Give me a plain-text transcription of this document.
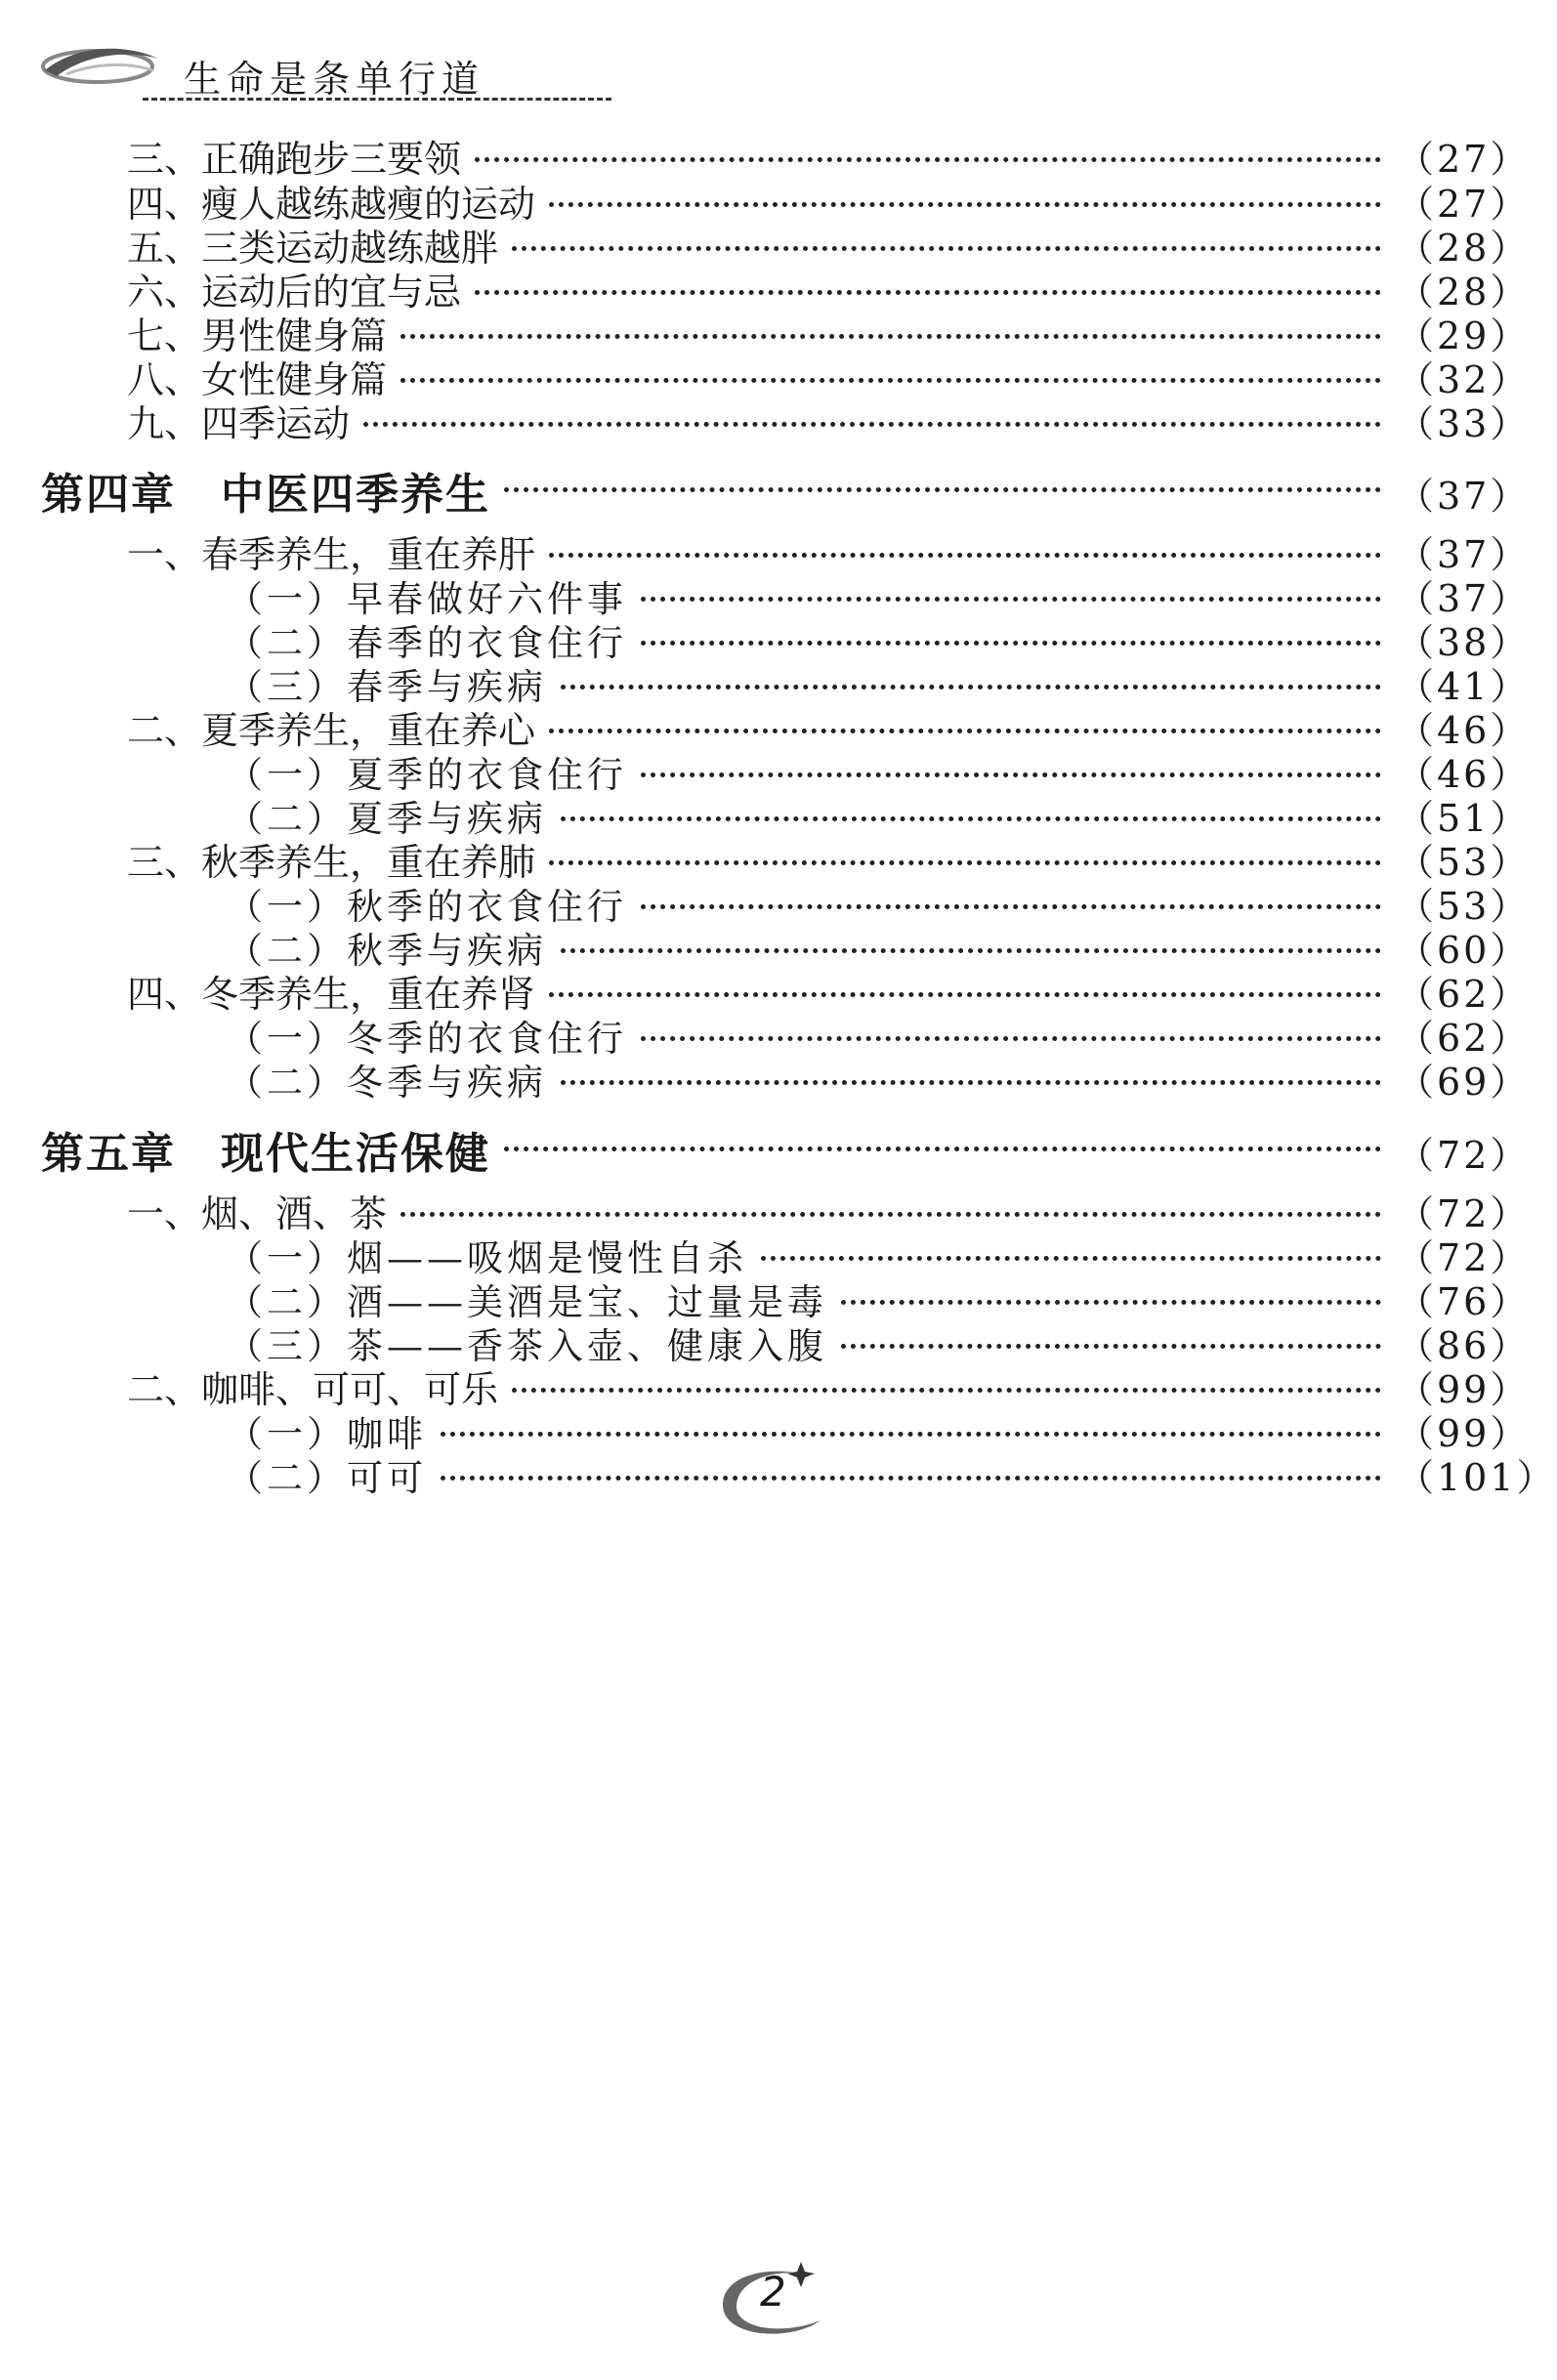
生命是条单行道
三、正确跑步三要领	（27）
四、瘦人越练越瘦的运动	（27）
五、三类运动越练越胖	（28）
六、运动后的宜与忌	（28）
七、男性健身篇	（29）
八、女性健身篇	（32）
九、四季运动	（33）
第四章　中医四季养生	（37）
一、春季养生，重在养肝	（37）
（一）早春做好六件事	（37）
（二）春季的衣食住行	（38）
（三）春季与疾病	（41）
二、夏季养生，重在养心	（46）
（一）夏季的衣食住行	（46）
（二）夏季与疾病	（51）
三、秋季养生，重在养肺	（53）
（一）秋季的衣食住行	（53）
（二）秋季与疾病	（60）
四、冬季养生，重在养肾	（62）
（一）冬季的衣食住行	（62）
（二）冬季与疾病	（69）
第五章　现代生活保健	（72）
一、烟、酒、茶	（72）
（一）烟——吸烟是慢性自杀	（72）
（二）酒——美酒是宝、过量是毒	（76）
（三）茶——香茶入壶、健康入腹	（86）
二、咖啡、可可、可乐	（99）
（一）咖啡	（99）
（二）可可	（101）
2
